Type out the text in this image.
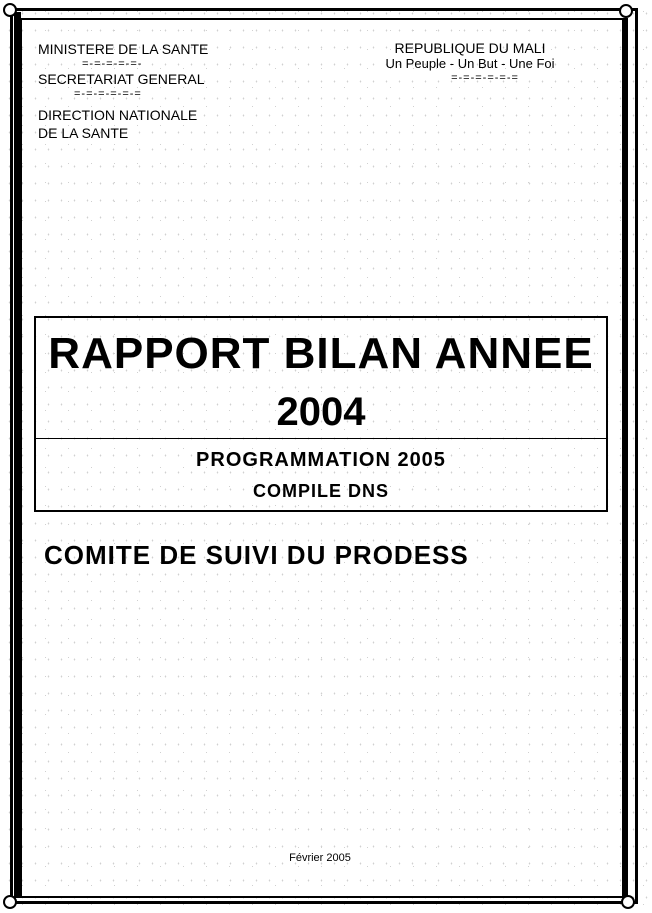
MINISTERE DE LA SANTE
=-=-=-=-=-
SECRETARIAT GENERAL
=-=-=-=-=-=
DIRECTION NATIONALE
DE LA SANTE
REPUBLIQUE DU MALI
Un Peuple - Un But - Une Foi
=-=-=-=-=-=
RAPPORT BILAN ANNEE
2004
PROGRAMMATION 2005
COMPILE DNS
COMITE DE SUIVI DU PRODESS
Février 2005
